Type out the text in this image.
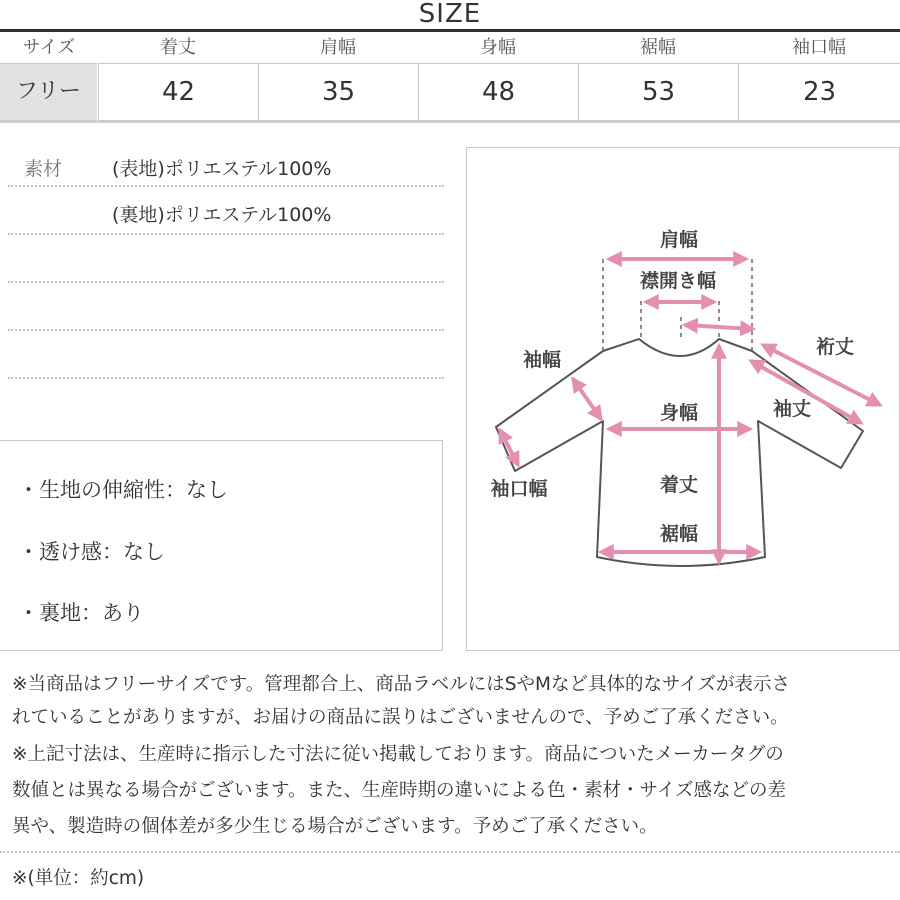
SIZE
サイズ	着丈	肩幅	身幅	裾幅	袖口幅
フリー	42	35	48	53	23
素材	(表地)ポリエステル100%
(裏地)ポリエステル100%
・生地の伸縮性：なし
・透け感：なし
・裏地：あり
肩幅
襟開き幅
袖幅
裄丈
袖丈
身幅
袖口幅	着丈
裾幅
※当商品はフリーサイズです。管理都合上、商品ラベルにはSやMなど具体的なサイズが表示さ
れていることがありますが、お届けの商品に誤りはございませんので、予めご了承ください。
※上記寸法は、生産時に指示した寸法に従い掲載しております。商品についたメーカータグの
数値とは異なる場合がございます。また、生産時期の違いによる色・素材・サイズ感などの差
異や、製造時の個体差が多少生じる場合がございます。予めご了承ください。
※(単位：約cm)
